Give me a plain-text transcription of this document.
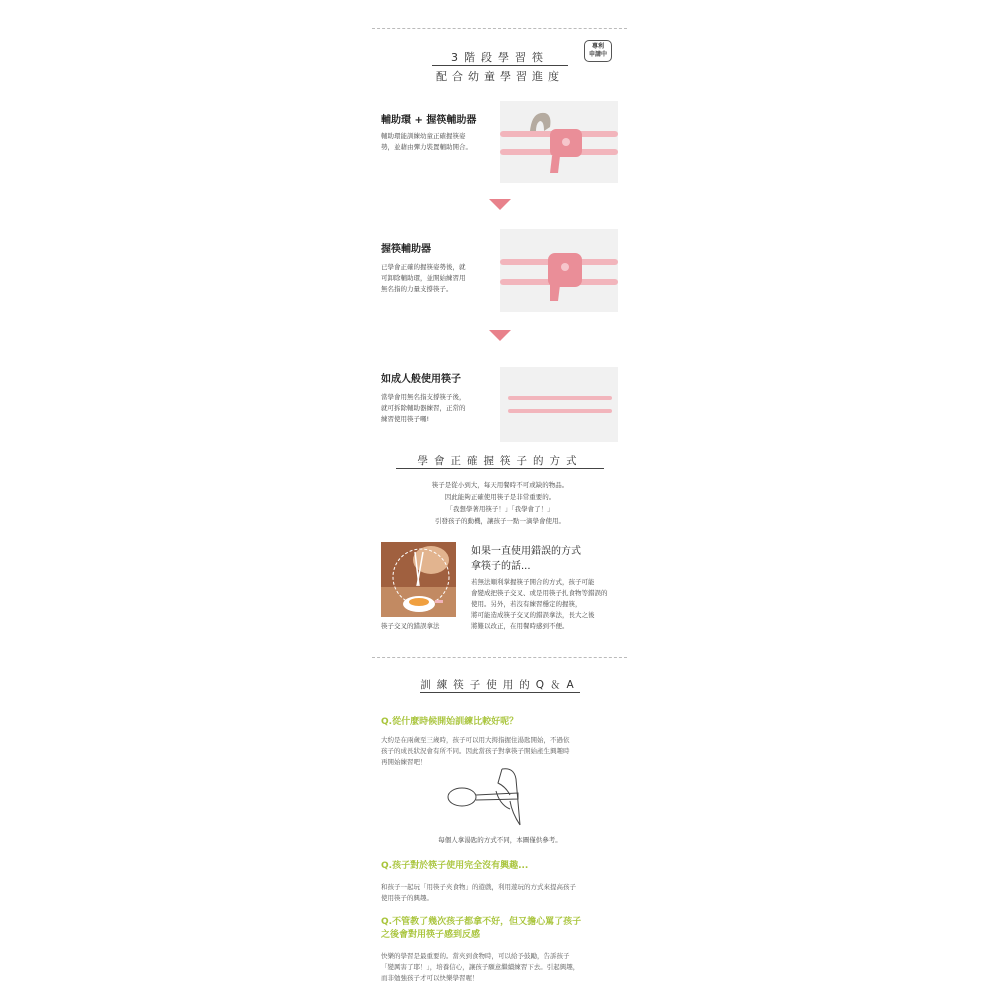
3階段學習筷
配合幼童學習進度
專利
申請中
輔助環 + 握筷輔助器
輔助環能訓練幼童正確握筷姿
勢，並藉由彈力裝置輔助開合。
握筷輔助器
已學會正確的握筷姿勢後，就
可卸除輔助環，並開始練習用
無名指的力量支撐筷子。
如成人般使用筷子
當學會用無名指支撐筷子後，
就可拆除輔助器練習，正常的
練習使用筷子囉!
學會正確握筷子的方式
筷子是從小到大，每天用餐時不可或缺的物品。
因此能夠正確使用筷子是非常重要的。
「我想學著用筷子！」「我學會了！」
引發孩子的動機，讓孩子一點一滴學會使用。
筷子交叉的錯誤拿法
如果一直使用錯誤的方式
拿筷子的話...
若無法順利掌握筷子開合的方式，孩子可能
會變成把筷子交叉、或是用筷子扎食物等錯誤的
使用。另外，若沒有練習穩定的握筷，
將可能造成筷子交叉的錯誤拿法，長大之後
將難以改正，在用餐時感到不便。
訓練筷子使用的Q＆A
Q.從什麼時候開始訓練比較好呢？
大約是在兩歲至三歲時，孩子可以用大拇指握住湯匙開始，不過依
孩子的成長狀況會有所不同。因此當孩子對拿筷子開始產生興趣時
再開始練習吧！
每個人拿湯匙的方式不同，本圖僅供參考。
Q.孩子對於筷子使用完全沒有興趣...
和孩子一起玩「用筷子夾食物」的遊戲，利用遊玩的方式來提高孩子
使用筷子的興趣。
Q.不管教了幾次孩子都拿不好，但又擔心罵了孩子
之後會對用筷子感到反感
快樂的學習是最重要的。當夾到食物時，可以給予鼓勵，告訴孩子
「變厲害了耶！」，培養信心，讓孩子願意繼續練習下去。引起興趣，
而非勉強孩子才可以快樂學習喔！
